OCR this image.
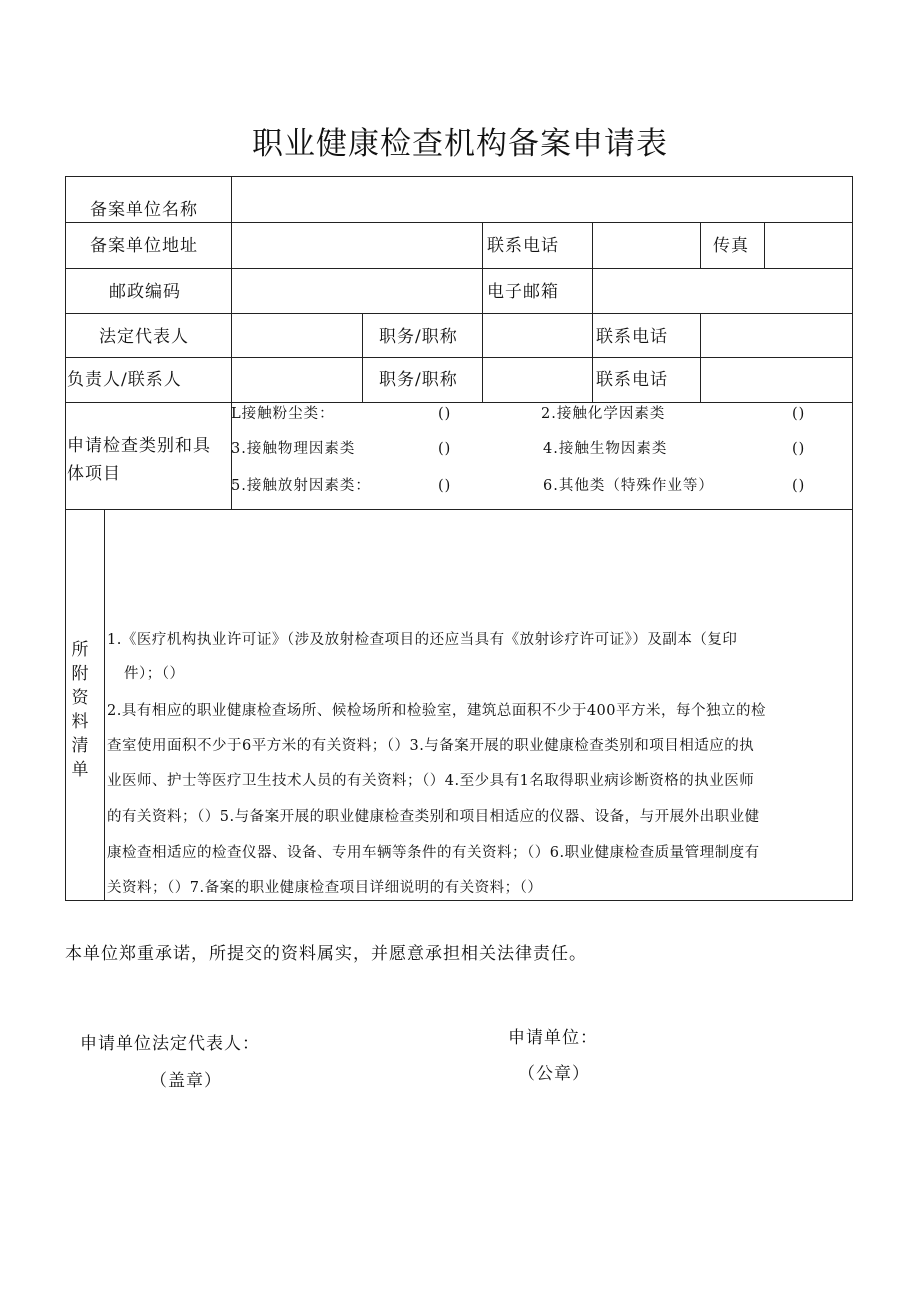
职业健康检查机构备案申请表
备案单位名称
备案单位地址	联系电话	传真
邮政编码	电子邮箱
法定代表人	职务/职称	联系电话
负责人/联系人	职务/职称	联系电话
申请检查类别和具
体项目
L接触粉尘类：	()	2.接触化学因素类	()
3.接触物理因素类	()	4.接触生物因素类	()
5.接触放射因素类：	()	6.其他类（特殊作业等）	()
所
附
资
料
清
单
1.《医疗机构执业许可证》（涉及放射检查项目的还应当具有《放射诊疗许可证》）及副本（复印
件）；（）
2.具有相应的职业健康检查场所、候检场所和检验室，建筑总面积不少于400平方米，每个独立的检
查室使用面积不少于6平方米的有关资料；（）3.与备案开展的职业健康检查类别和项目相适应的执
业医师、护士等医疗卫生技术人员的有关资料；（）4.至少具有1名取得职业病诊断资格的执业医师
的有关资料；（）5.与备案开展的职业健康检查类别和项目相适应的仪器、设备，与开展外出职业健
康检查相适应的检查仪器、设备、专用车辆等条件的有关资料；（）6.职业健康检查质量管理制度有
关资料；（）7.备案的职业健康检查项目详细说明的有关资料；（）
本单位郑重承诺，所提交的资料属实，并愿意承担相关法律责任。
申请单位法定代表人：
（盖章）
申请单位：
（公章）
